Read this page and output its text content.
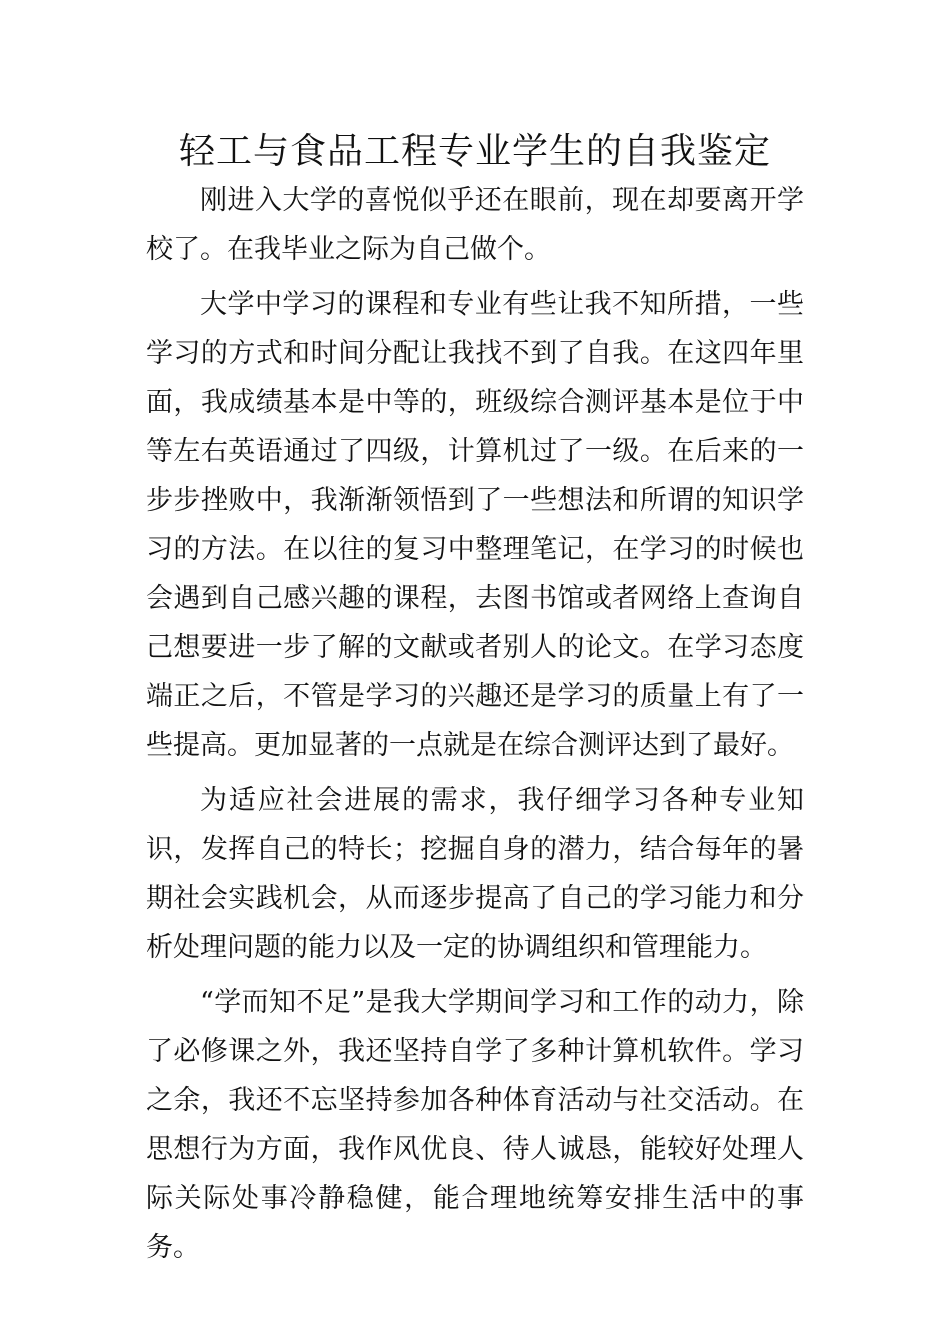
轻工与食品工程专业学生的自我鉴定

刚进入大学的喜悦似乎还在眼前，现在却要离开学校了。在我毕业之际为自己做个。

大学中学习的课程和专业有些让我不知所措，一些学习的方式和时间分配让我找不到了自我。在这四年里面，我成绩基本是中等的，班级综合测评基本是位于中等左右英语通过了四级，计算机过了一级。在后来的一步步挫败中，我渐渐领悟到了一些想法和所谓的知识学习的方法。在以往的复习中整理笔记，在学习的时候也会遇到自己感兴趣的课程，去图书馆或者网络上查询自己想要进一步了解的文献或者别人的论文。在学习态度端正之后，不管是学习的兴趣还是学习的质量上有了一些提高。更加显著的一点就是在综合测评达到了最好。

为适应社会进展的需求，我仔细学习各种专业知识，发挥自己的特长；挖掘自身的潜力，结合每年的暑期社会实践机会，从而逐步提高了自己的学习能力和分析处理问题的能力以及一定的协调组织和管理能力。

“学而知不足”是我大学期间学习和工作的动力，除了必修课之外，我还坚持自学了多种计算机软件。学习之余，我还不忘坚持参加各种体育活动与社交活动。在思想行为方面，我作风优良、待人诚恳，能较好处理人际关际处事冷静稳健，能合理地统筹安排生活中的事务。
